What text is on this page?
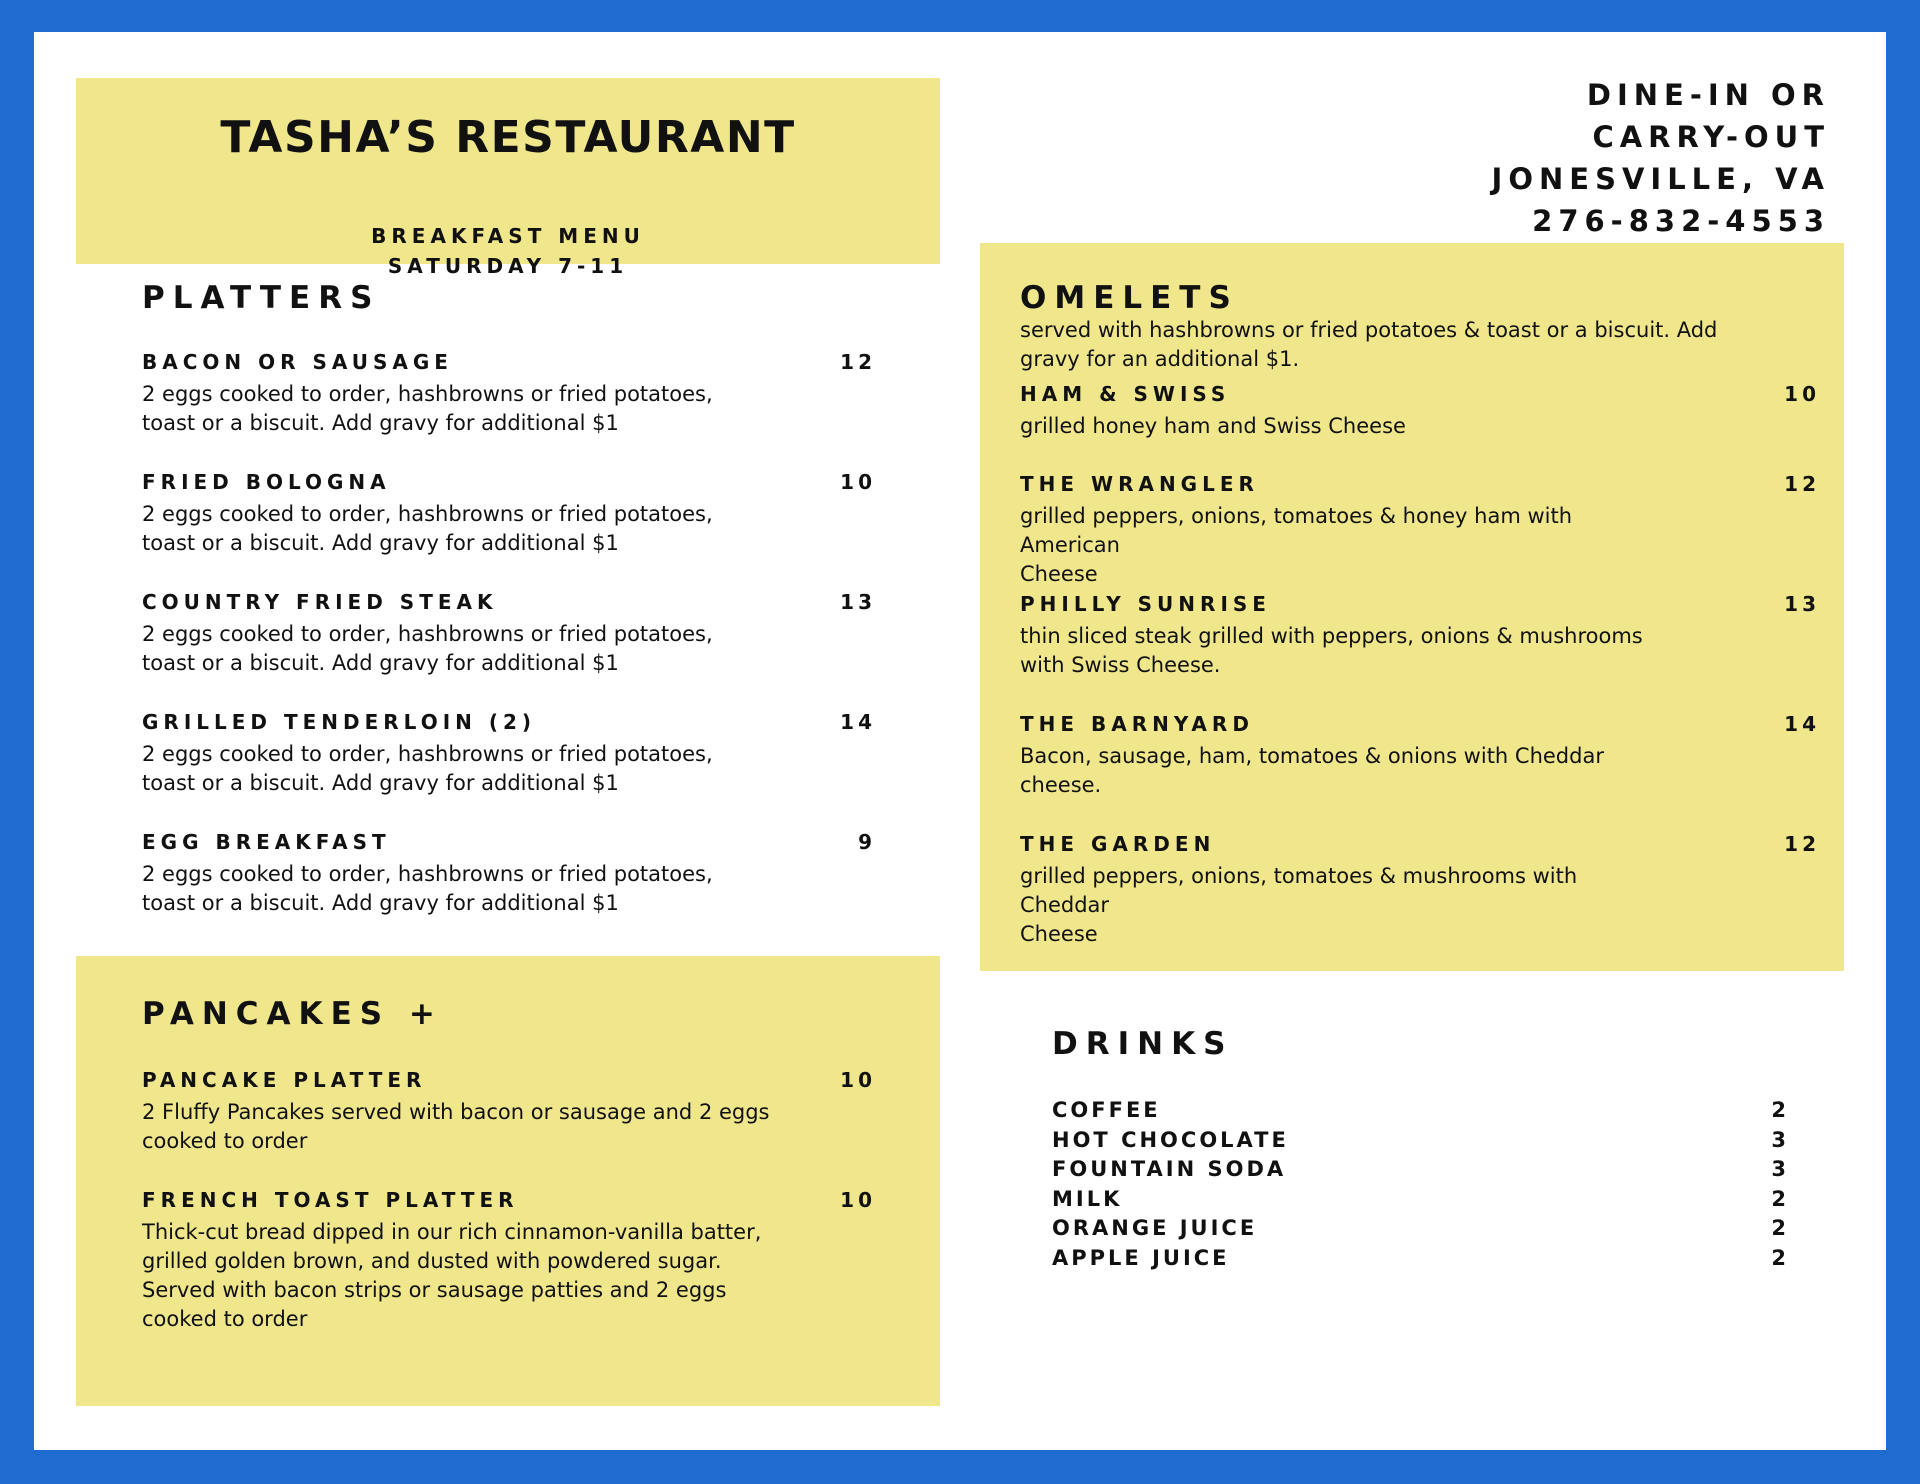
TASHA’S RESTAURANT
BREAKFAST MENU
SATURDAY 7-11
DINE-IN OR
CARRY-OUT
JONESVILLE, VA
276-832-4553
PLATTERS
BACON OR SAUSAGE	12
2 eggs cooked to order, hashbrowns or fried potatoes,
toast or a biscuit. Add gravy for additional $1
FRIED BOLOGNA	10
2 eggs cooked to order, hashbrowns or fried potatoes,
toast or a biscuit. Add gravy for additional $1
COUNTRY FRIED STEAK	13
2 eggs cooked to order, hashbrowns or fried potatoes,
toast or a biscuit. Add gravy for additional $1
GRILLED TENDERLOIN (2)	14
2 eggs cooked to order, hashbrowns or fried potatoes,
toast or a biscuit. Add gravy for additional $1
EGG BREAKFAST	9
2 eggs cooked to order, hashbrowns or fried potatoes,
toast or a biscuit. Add gravy for additional $1
PANCAKES +
PANCAKE PLATTER	10
2 Fluffy Pancakes served with bacon or sausage and 2 eggs
cooked to order
FRENCH TOAST PLATTER	10
Thick-cut bread dipped in our rich cinnamon-vanilla batter,
grilled golden brown, and dusted with powdered sugar.
Served with bacon strips or sausage patties and 2 eggs
cooked to order
OMELETS
served with hashbrowns or fried potatoes & toast or a biscuit. Add
gravy for an additional $1.
HAM & SWISS	10
grilled honey ham and Swiss Cheese
THE WRANGLER	12
grilled peppers, onions, tomatoes & honey ham with American
Cheese
PHILLY SUNRISE	13
thin sliced steak grilled with peppers, onions & mushrooms
with Swiss Cheese.
THE BARNYARD	14
Bacon, sausage, ham, tomatoes & onions with Cheddar
cheese.
THE GARDEN	12
grilled peppers, onions, tomatoes & mushrooms with Cheddar
Cheese
DRINKS
COFFEE	2
HOT CHOCOLATE	3
FOUNTAIN SODA	3
MILK	2
ORANGE JUICE	2
APPLE JUICE	2
